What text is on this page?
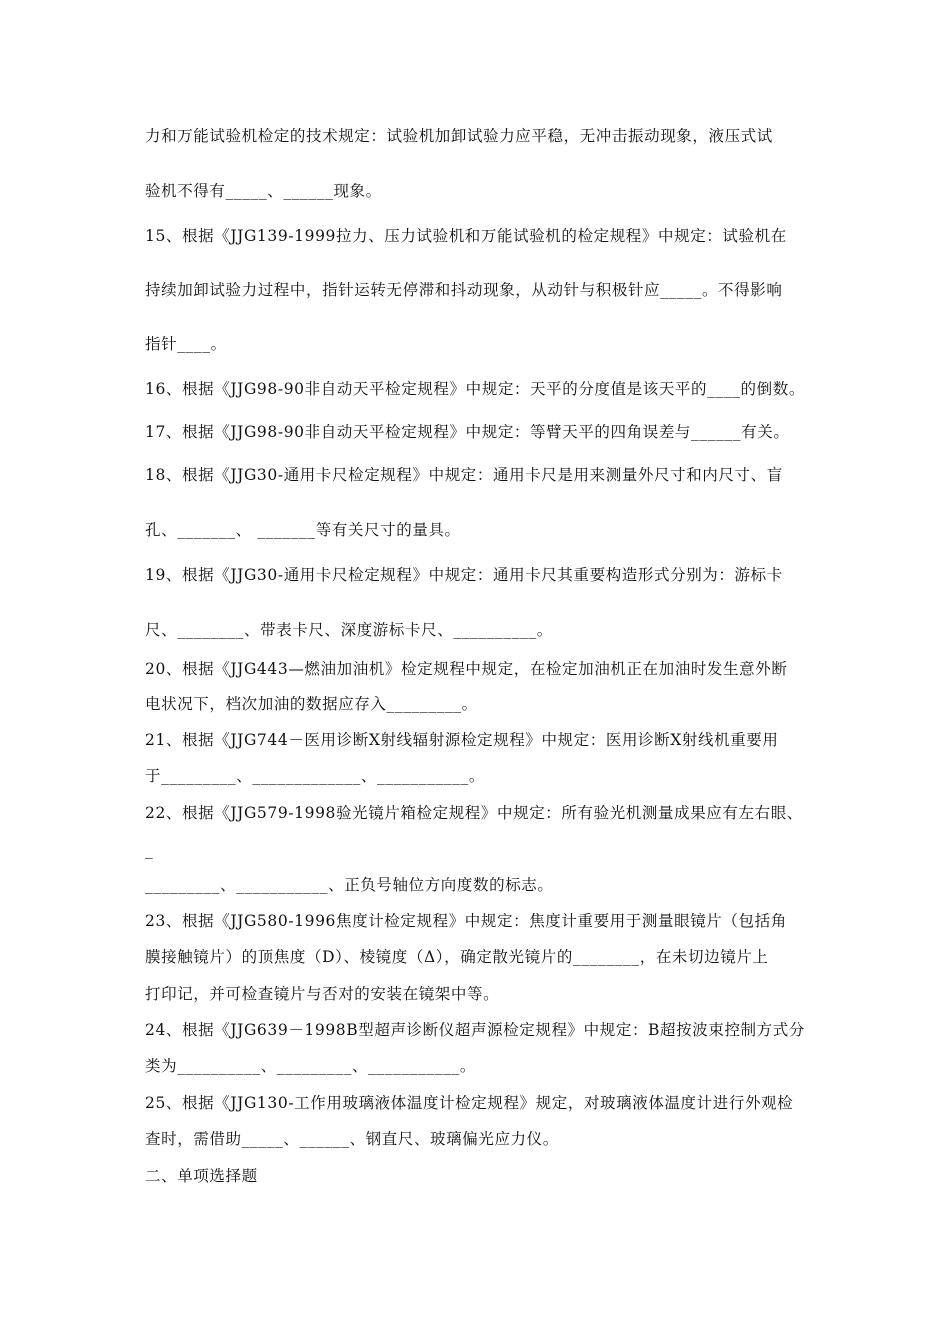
力和万能试验机检定的技术规定：试验机加卸试验力应平稳，无冲击振动现象，液压式试
验机不得有_____、______现象。
15、根据《JJG139-1999拉力、压力试验机和万能试验机的检定规程》中规定：试验机在
持续加卸试验力过程中，指针运转无停滞和抖动现象，从动针与积极针应_____。不得影响
指针____。
16、根据《JJG98-90非自动天平检定规程》中规定：天平的分度值是该天平的____的倒数。
17、根据《JJG98-90非自动天平检定规程》中规定：等臂天平的四角误差与______有关。
18、根据《JJG30-通用卡尺检定规程》中规定：通用卡尺是用来测量外尺寸和内尺寸、盲
孔、_______、 _______等有关尺寸的量具。
19、根据《JJG30-通用卡尺检定规程》中规定：通用卡尺其重要构造形式分别为：游标卡
尺、________、带表卡尺、深度游标卡尺、__________。
20、根据《JJG443—燃油加油机》检定规程中规定，在检定加油机正在加油时发生意外断
电状况下，档次加油的数据应存入_________。
21、根据《JJG744－医用诊断X射线辐射源检定规程》中规定：医用诊断X射线机重要用
于_________、_____________、___________。
22、根据《JJG579-1998验光镜片箱检定规程》中规定：所有验光机测量成果应有左右眼、
_
_________、___________、正负号轴位方向度数的标志。
23、根据《JJG580-1996焦度计检定规程》中规定：焦度计重要用于测量眼镜片（包括角
膜接触镜片）的顶焦度（D）、棱镜度（Δ），确定散光镜片的________，在未切边镜片上
打印记，并可检查镜片与否对的安装在镜架中等。
24、根据《JJG639－1998B型超声诊断仪超声源检定规程》中规定：B超按波束控制方式分
类为__________、_________、___________。
25、根据《JJG130-工作用玻璃液体温度计检定规程》规定，对玻璃液体温度计进行外观检
查时，需借助_____、______、钢直尺、玻璃偏光应力仪。
二、单项选择题
